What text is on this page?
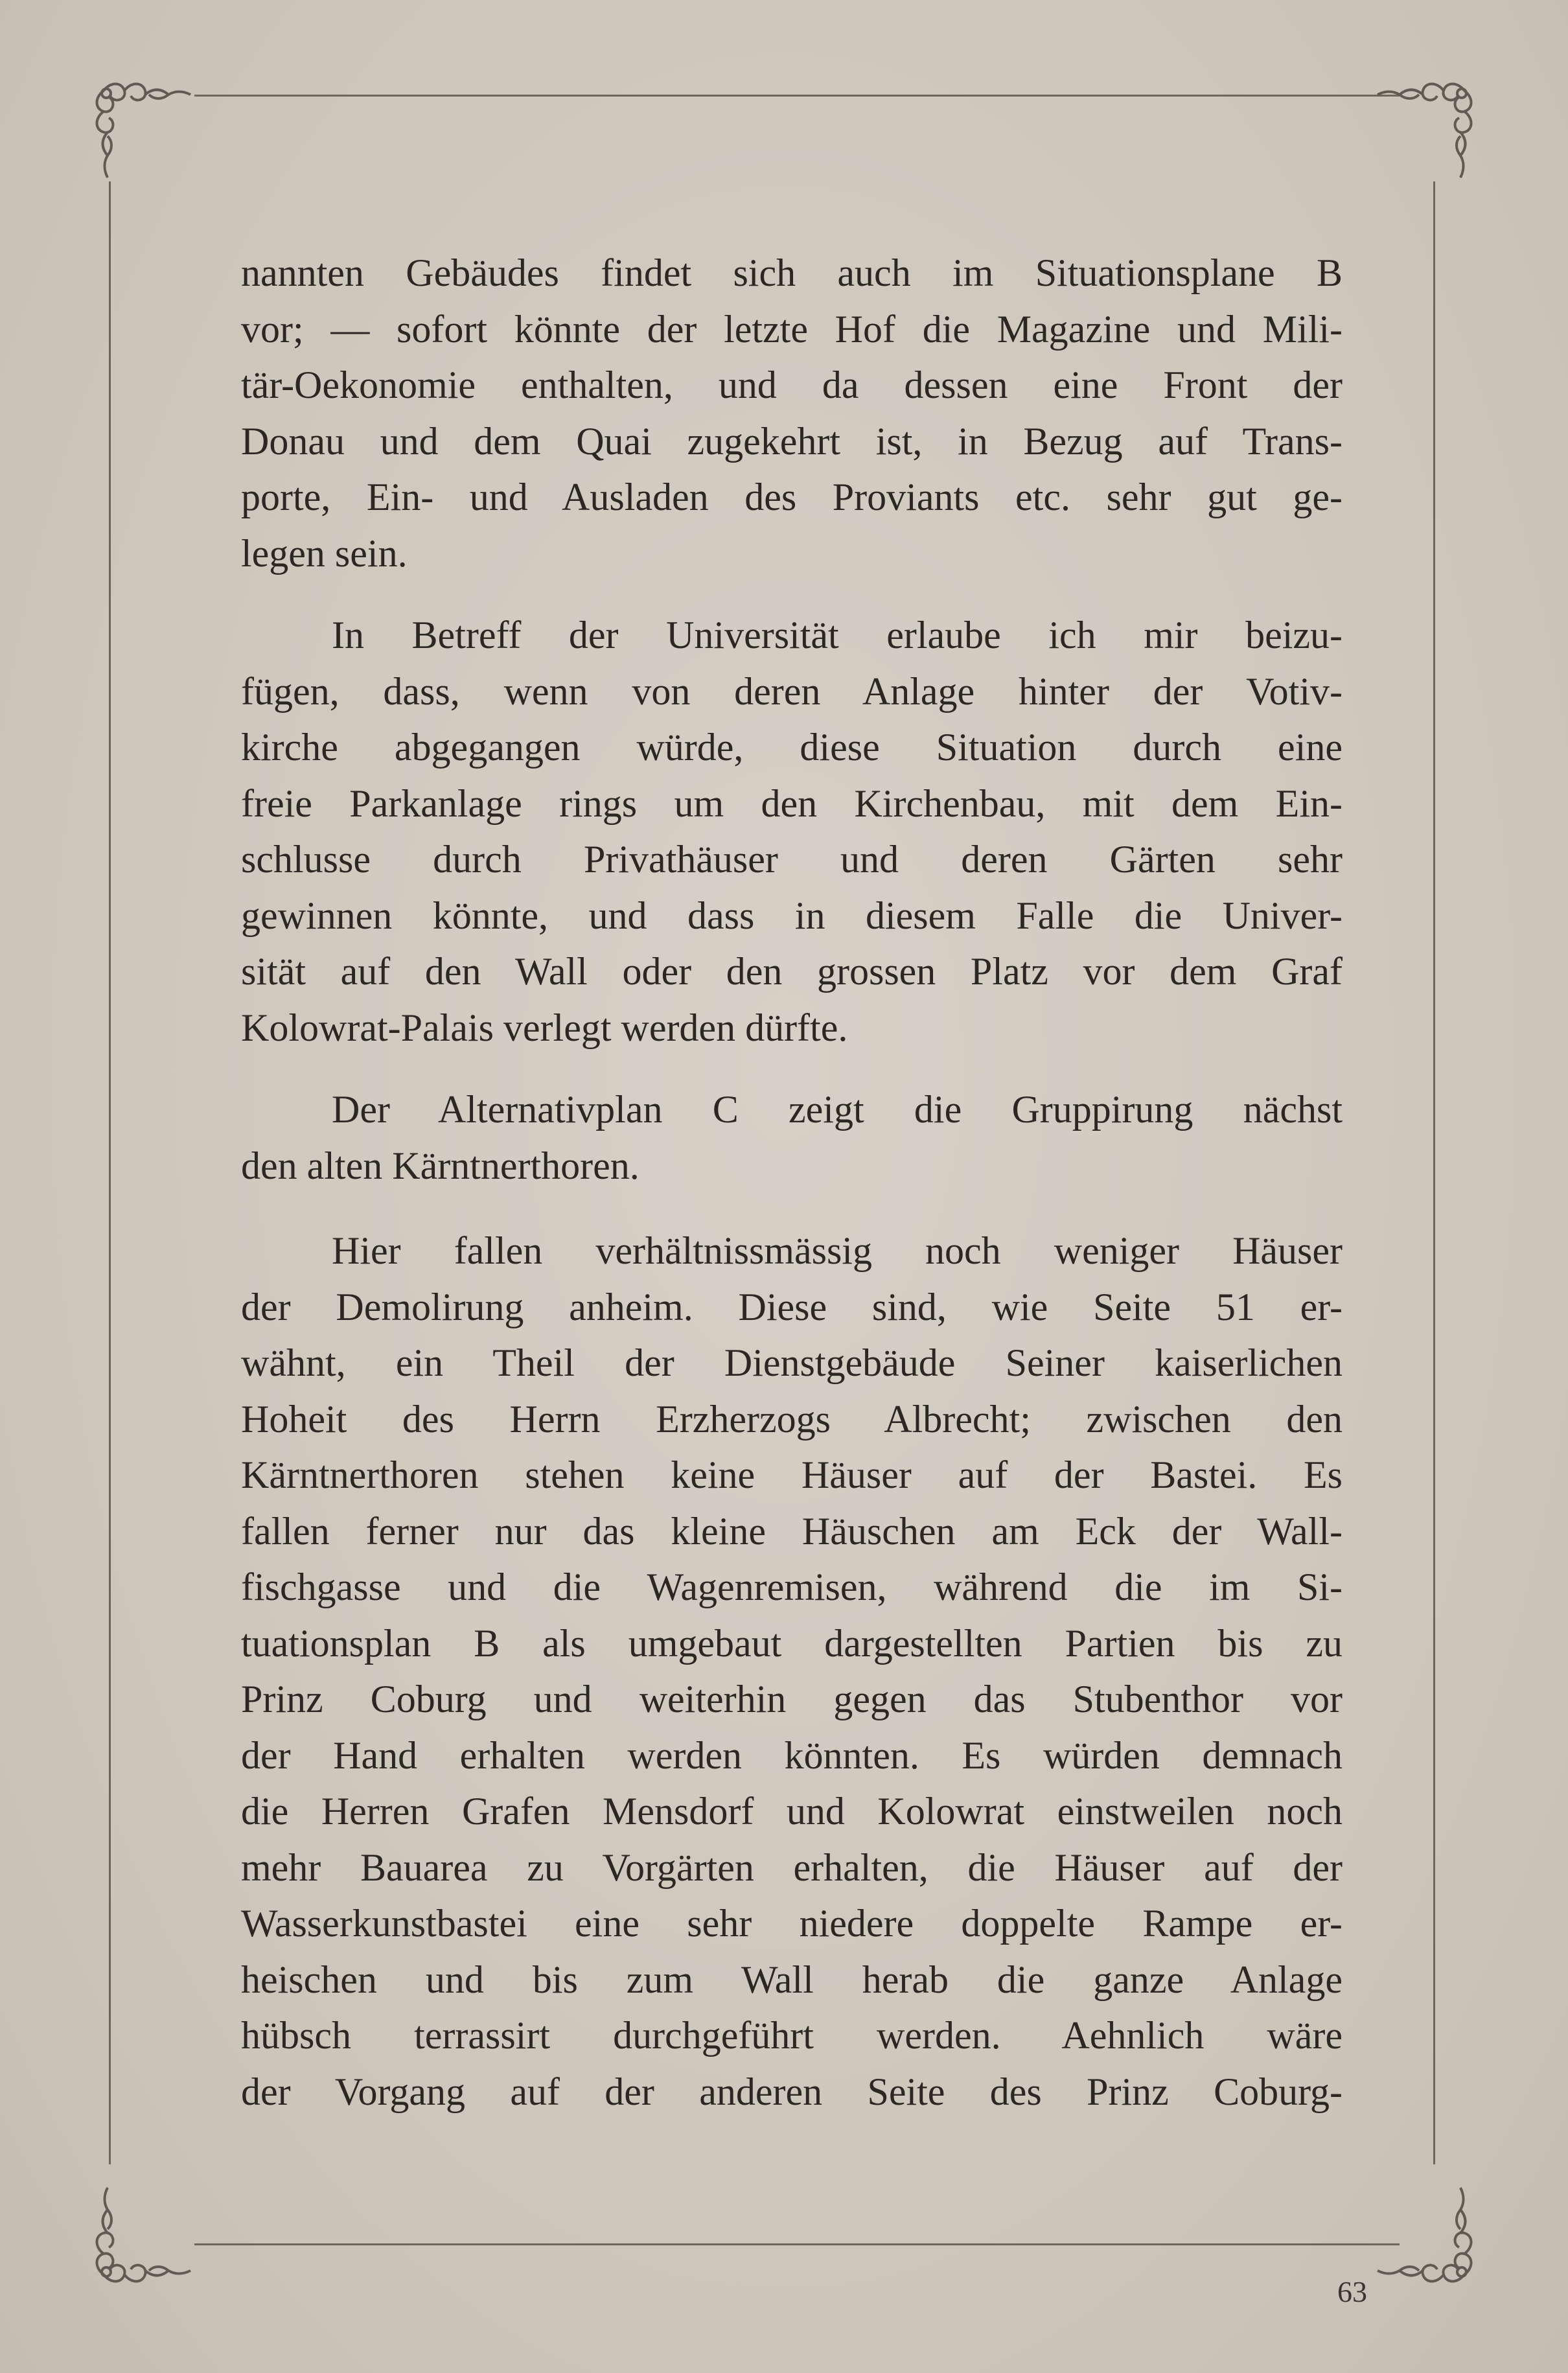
nannten Gebäudes findet sich auch im Situationsplane B
vor; — sofort könnte der letzte Hof die Magazine und Mili-
tär-Oekonomie enthalten, und da dessen eine Front der
Donau und dem Quai zugekehrt ist, in Bezug auf Trans-
porte, Ein- und Ausladen des Proviants etc. sehr gut ge-
legen sein.
In Betreff der Universität erlaube ich mir beizu-
fügen, dass, wenn von deren Anlage hinter der Votiv-
kirche abgegangen würde, diese Situation durch eine
freie Parkanlage rings um den Kirchenbau, mit dem Ein-
schlusse durch Privathäuser und deren Gärten sehr
gewinnen könnte, und dass in diesem Falle die Univer-
sität auf den Wall oder den grossen Platz vor dem Graf
Kolowrat-Palais verlegt werden dürfte.
Der Alternativplan C zeigt die Gruppirung nächst
den alten Kärntnerthoren.
Hier fallen verhältnissmässig noch weniger Häuser
der Demolirung anheim. Diese sind, wie Seite 51 er-
wähnt, ein Theil der Dienstgebäude Seiner kaiserlichen
Hoheit des Herrn Erzherzogs Albrecht; zwischen den
Kärntnerthoren stehen keine Häuser auf der Bastei. Es
fallen ferner nur das kleine Häuschen am Eck der Wall-
fischgasse und die Wagenremisen, während die im Si-
tuationsplan B als umgebaut dargestellten Partien bis zu
Prinz Coburg und weiterhin gegen das Stubenthor vor
der Hand erhalten werden könnten. Es würden demnach
die Herren Grafen Mensdorf und Kolowrat einstweilen noch
mehr Bauarea zu Vorgärten erhalten, die Häuser auf der
Wasserkunstbastei eine sehr niedere doppelte Rampe er-
heischen und bis zum Wall herab die ganze Anlage
hübsch terrassirt durchgeführt werden. Aehnlich wäre
der Vorgang auf der anderen Seite des Prinz Coburg-
63
